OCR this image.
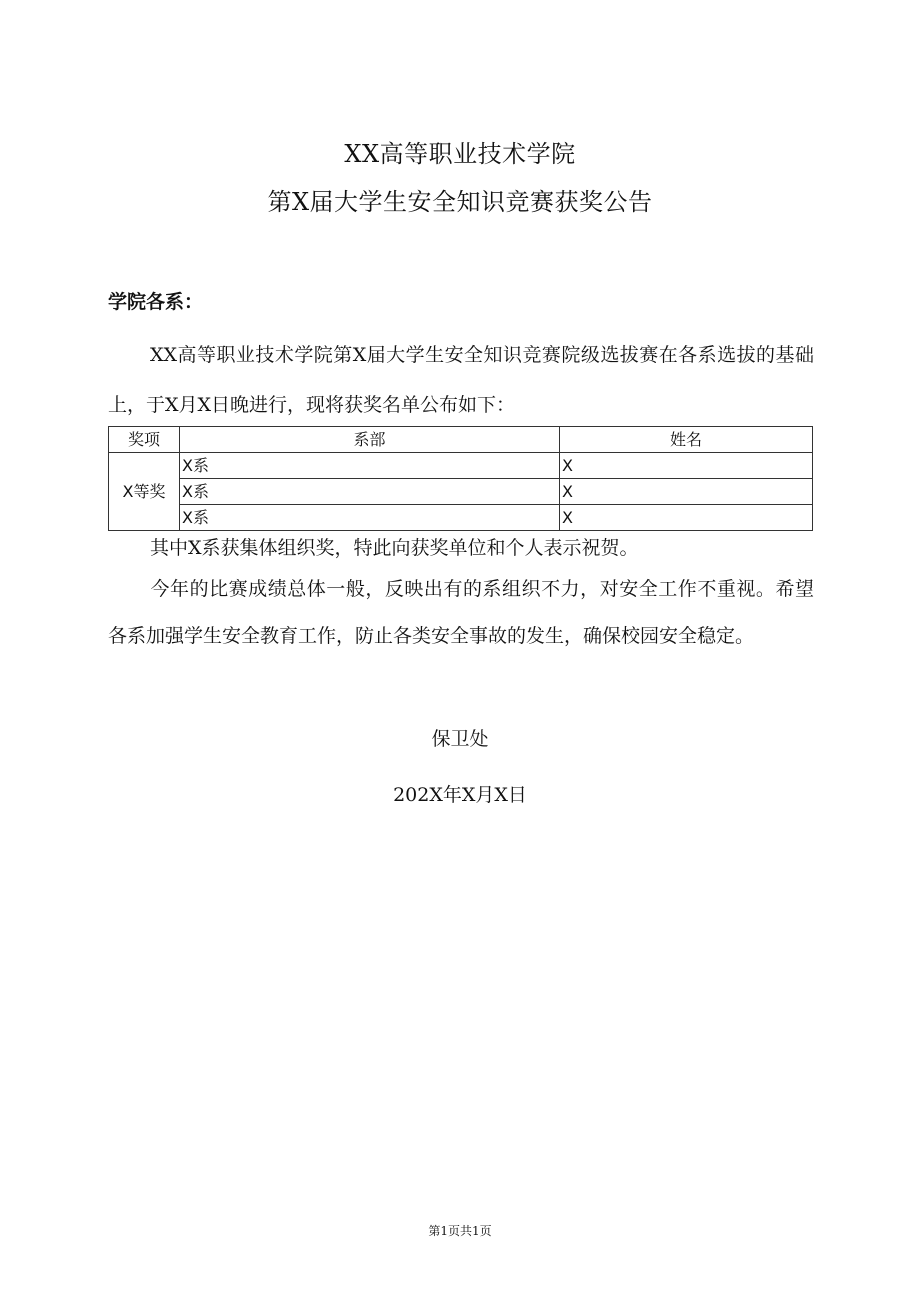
XX高等职业技术学院
第X届大学生安全知识竞赛获奖公告
学院各系：
XX高等职业技术学院第X届大学生安全知识竞赛院级选拔赛在各系选拔的基础上，于X月X日晚进行，现将获奖名单公布如下：
奖项	系部	姓名
X等奖	X系	X
	X系	X
	X系	X
其中X系获集体组织奖，特此向获奖单位和个人表示祝贺。
今年的比赛成绩总体一般，反映出有的系组织不力，对安全工作不重视。希望各系加强学生安全教育工作，防止各类安全事故的发生，确保校园安全稳定。
保卫处
202X年X月X日
第1页共1页
